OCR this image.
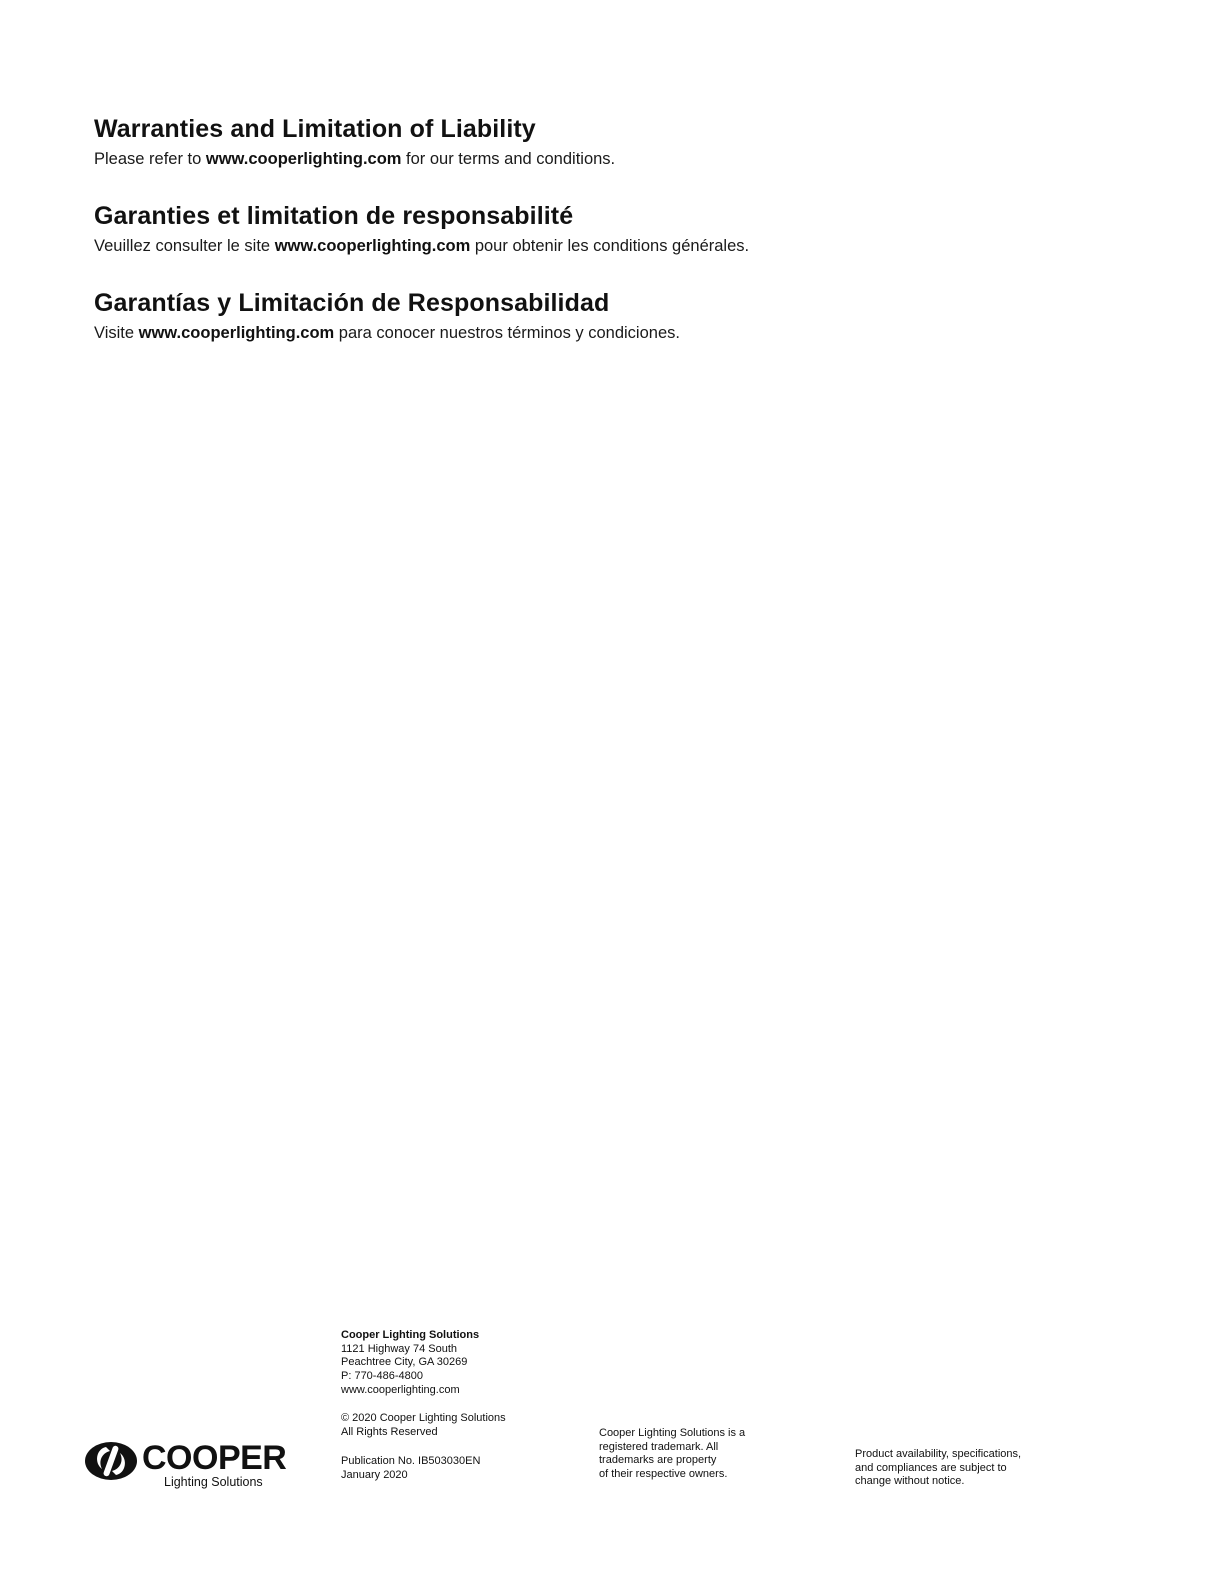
Warranties and Limitation of Liability

Please refer to www.cooperlighting.com for our terms and conditions.

Garanties et limitation de responsabilité

Veuillez consulter le site www.cooperlighting.com pour obtenir les conditions générales.

Garantías y Limitación de Responsabilidad

Visite www.cooperlighting.com para conocer nuestros términos y condiciones.

COOPER
Lighting Solutions
Cooper Lighting Solutions
1121 Highway 74 South
Peachtree City, GA 30269
P: 770-486-4800
www.cooperlighting.com
© 2020 Cooper Lighting Solutions
All Rights Reserved
Publication No. IB503030EN
January 2020
Cooper Lighting Solutions is a
registered trademark. All
trademarks are property
of their respective owners.
Product availability, specifications,
and compliances are subject to
change without notice.
